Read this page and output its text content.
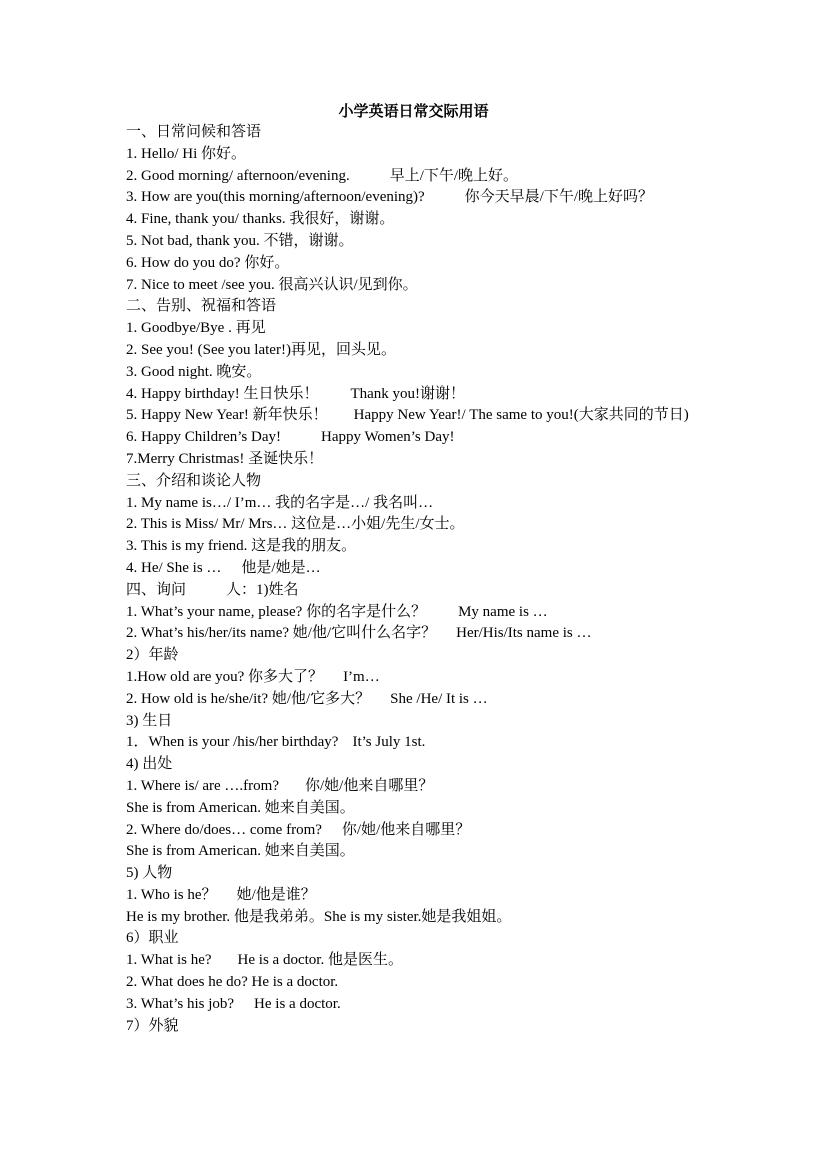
小学英语日常交际用语
一、日常问候和答语
1. Hello/ Hi 你好。
2. Good morning/ afternoon/evening.	早上/下午/晚上好。
3. How are you(this morning/afternoon/evening)?	你今天早晨/下午/晚上好吗？
4. Fine, thank you/ thanks. 我很好，谢谢。
5. Not bad, thank you. 不错，谢谢。
6. How do you do? 你好。
7. Nice to meet /see you. 很高兴认识/见到你。
二、告别、祝福和答语
1. Goodbye/Bye . 再见
2. See you! (See you later!)再见，回头见。
3. Good night. 晚安。
4. Happy birthday! 生日快乐！ Thank you!谢谢！
5. Happy New Year! 新年快乐！ Happy New Year!/ The same to you!(大家共同的节日)
6. Happy Children’s Day!	Happy Women’s Day!
7.Merry Christmas! 圣诞快乐！
三、介绍和谈论人物
1. My name is…/ I’m… 我的名字是…/ 我名叫…
2. This is Miss/ Mr/ Mrs… 这位是…小姐/先生/女士。
3. This is my friend. 这是我的朋友。
4. He/ She is … 他是/她是…
四、询问	人：1)姓名
1. What’s your name, please? 你的名字是什么？ My name is …
2. What’s his/her/its name? 她/他/它叫什么名字？ Her/His/Its name is …
2）年龄
1.How old are you? 你多大了？ I’m…
2. How old is he/she/it? 她/他/它多大？ She /He/ It is …
3) 生日
1．When is your /his/her birthday? It’s July 1st.
4) 出处
1. Where is/ are ….from? 你/她/他来自哪里？
She is from American. 她来自美国。
2. Where do/does… come from? 你/她/他来自哪里？
She is from American. 她来自美国。
5) 人物
1. Who is he？ 她/他是谁？
He is my brother. 他是我弟弟。She is my sister.她是我姐姐。
6）职业
1. What is he? He is a doctor. 他是医生。
2. What does he do? He is a doctor.
3. What’s his job? He is a doctor.
7）外貌
